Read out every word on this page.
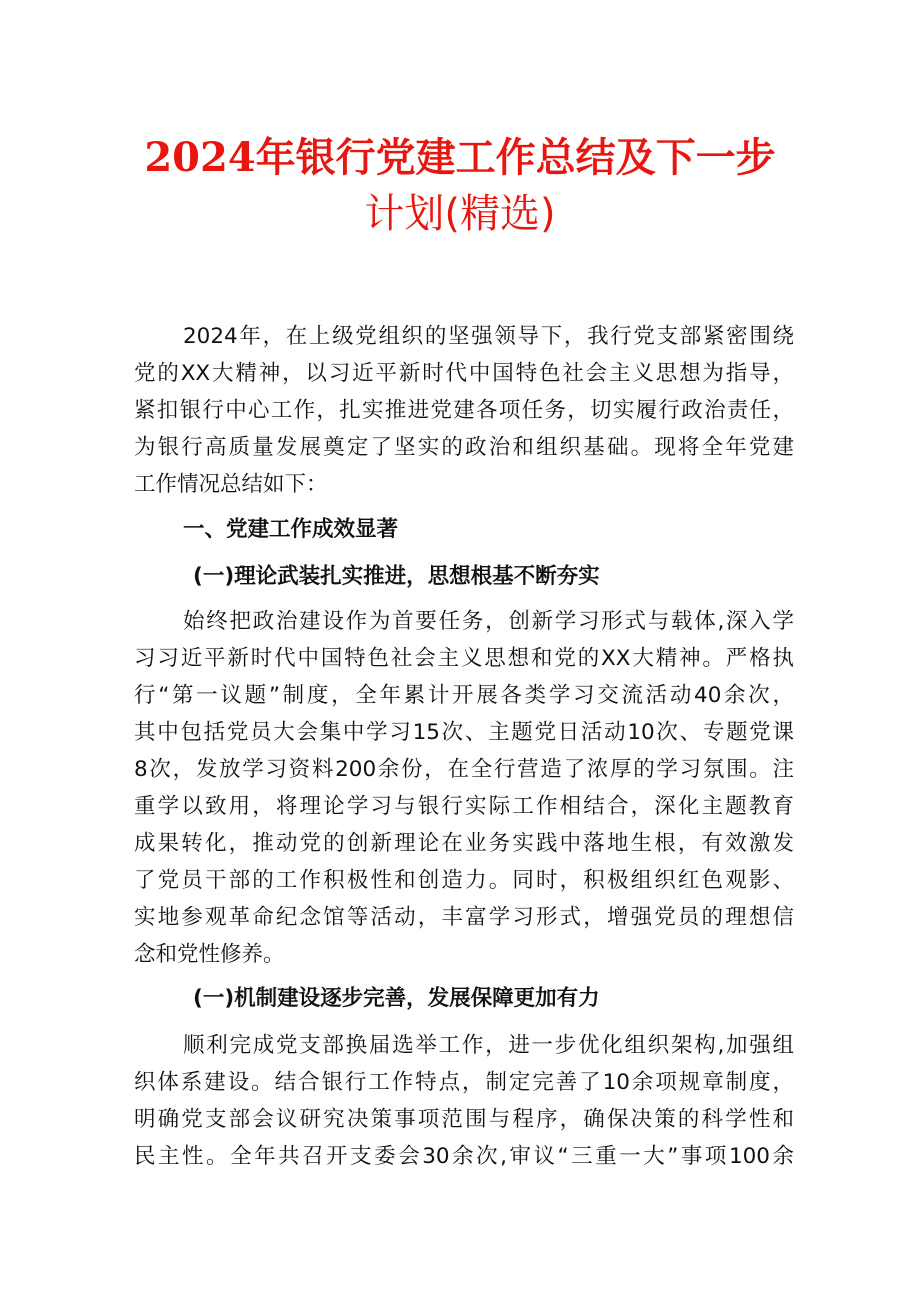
2024年银行党建工作总结及下一步
计划(精选)
2024年，在上级党组织的坚强领导下，我行党支部紧密围绕
党的XX大精神，以习近平新时代中国特色社会主义思想为指导，
紧扣银行中心工作，扎实推进党建各项任务，切实履行政治责任，
为银行高质量发展奠定了坚实的政治和组织基础。现将全年党建
工作情况总结如下：
一、党建工作成效显著
(一)理论武装扎实推进，思想根基不断夯实
始终把政治建设作为首要任务，创新学习形式与载体,深入学
习习近平新时代中国特色社会主义思想和党的XX大精神。严格执
行“第一议题”制度，全年累计开展各类学习交流活动40余次，
其中包括党员大会集中学习15次、主题党日活动10次、专题党课
8次，发放学习资料200余份，在全行营造了浓厚的学习氛围。注
重学以致用，将理论学习与银行实际工作相结合，深化主题教育
成果转化，推动党的创新理论在业务实践中落地生根，有效激发
了党员干部的工作积极性和创造力。同时，积极组织红色观影、
实地参观革命纪念馆等活动，丰富学习形式，增强党员的理想信
念和党性修养。
(一)机制建设逐步完善，发展保障更加有力
顺利完成党支部换届选举工作，进一步优化组织架构,加强组
织体系建设。结合银行工作特点，制定完善了10余项规章制度，
明确党支部会议研究决策事项范围与程序，确保决策的科学性和
民主性。全年共召开支委会30余次,审议“三重一大”事项100余
